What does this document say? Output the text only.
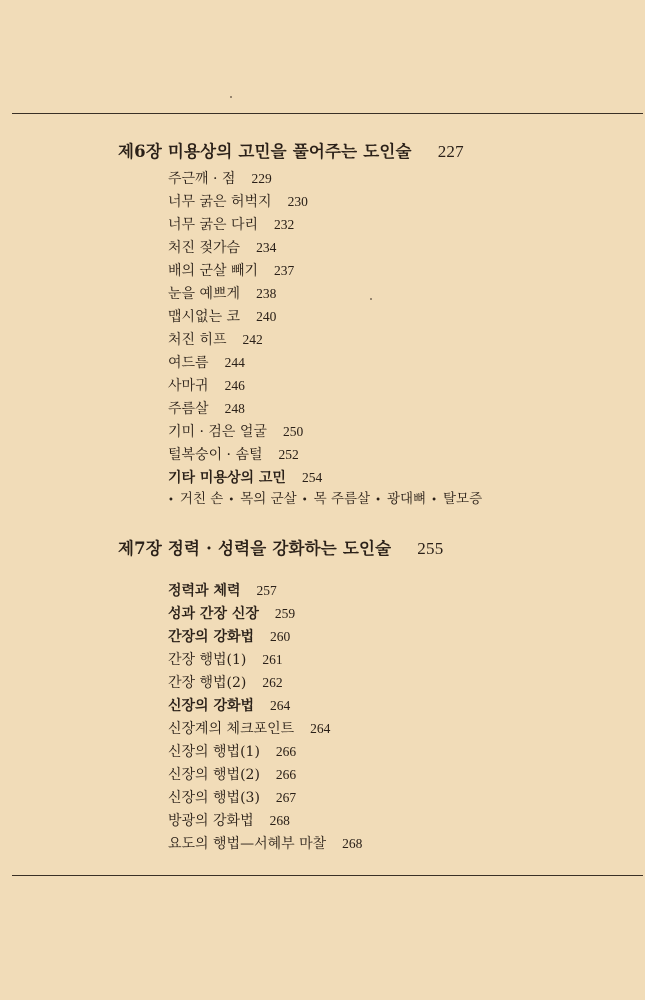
제6장 미용상의 고민을 풀어주는 도인술 227
주근깨 · 점 229
너무 굵은 허벅지 230
너무 굵은 다리 232
처진 젖가슴 234
배의 군살 빼기 237
눈을 예쁘게 238
맵시없는 코 240
처진 히프 242
여드름 244
사마귀 246
주름살 248
기미 · 검은 얼굴 250
털복숭이 · 솜털 252
기타 미용상의 고민 254
• 거친 손 • 목의 군살 • 목 주름살 • 광대뼈 • 탈모증
제7장 정력 · 성력을 강화하는 도인술 255
정력과 체력 257
성과 간장 신장 259
간장의 강화법 260
간장 행법(1) 261
간장 행법(2) 262
신장의 강화법 264
신장계의 체크포인트 264
신장의 행법(1) 266
신장의 행법(2) 266
신장의 행법(3) 267
방광의 강화법 268
요도의 행법—서혜부 마찰 268
